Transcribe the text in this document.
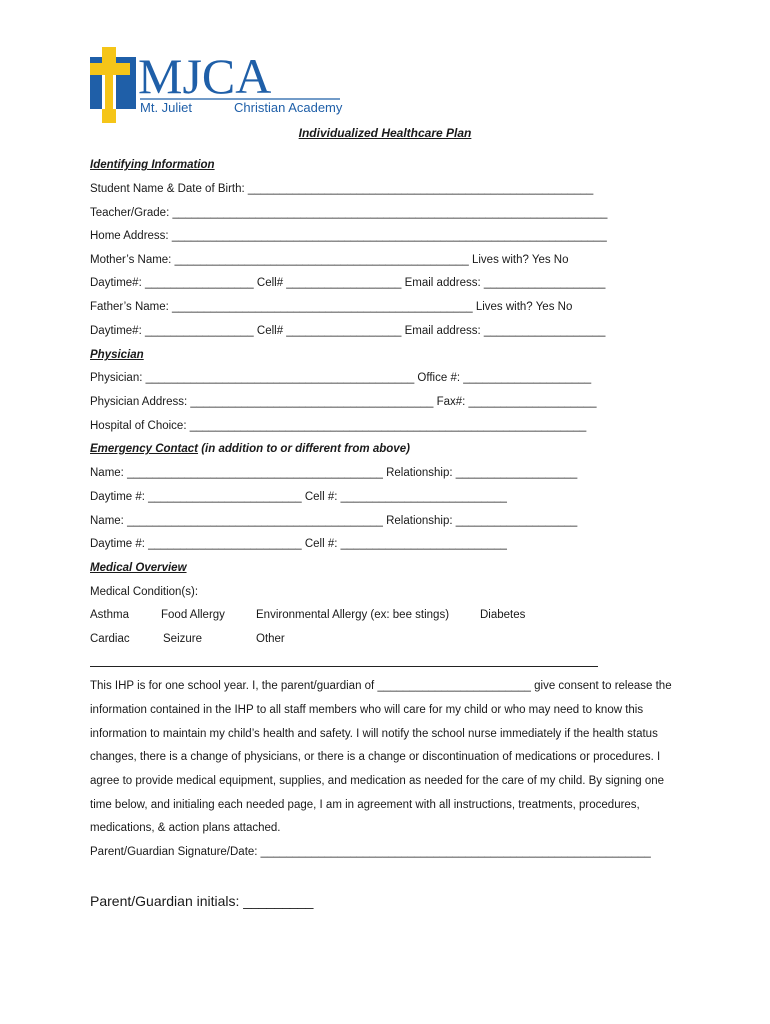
MJCA
Mt. Juliet	Christian Academy
Individualized Healthcare Plan
Identifying Information
Student Name & Date of Birth: ______________________________________________________
Teacher/Grade: ____________________________________________________________________
Home Address: ____________________________________________________________________
Mother’s Name: ______________________________________________ Lives with? Yes No
Daytime#: _________________ Cell# __________________ Email address: ___________________
Father’s Name: _______________________________________________ Lives with? Yes No
Daytime#: _________________ Cell# __________________ Email address: ___________________
Physician
Physician: __________________________________________ Office #: ____________________
Physician Address: ______________________________________ Fax#: ____________________
Hospital of Choice: ______________________________________________________________
Emergency Contact (in addition to or different from above)
Name: ________________________________________ Relationship: ___________________
Daytime #: ________________________ Cell #: __________________________
Name: ________________________________________ Relationship: ___________________
Daytime #: ________________________ Cell #: __________________________
Medical Overview
Medical Condition(s):
Asthma	Food Allergy	Environmental Allergy (ex: bee stings)	Diabetes
Cardiac	Seizure	Other
This IHP is for one school year. I, the parent/guardian of ________________________ give consent to release the
information contained in the IHP to all staff members who will care for my child or who may need to know this
information to maintain my child’s health and safety. I will notify the school nurse immediately if the health status
changes, there is a change of physicians, or there is a change or discontinuation of medications or procedures. I
agree to provide medical equipment, supplies, and medication as needed for the care of my child. By signing one
time below, and initialing each needed page, I am in agreement with all instructions, treatments, procedures,
medications, & action plans attached.
Parent/Guardian Signature/Date: _____________________________________________________________
Parent/Guardian initials: _________
